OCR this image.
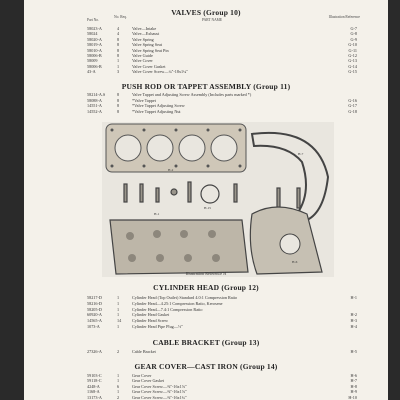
VALVES (Group 10)
Part No.
No. Req.
PART NAME
Illustration Reference
58023-A	4	Valve—Intake	G-7
58024	4	Valve—Exhaust	G-8
58020-A	8	Valve Spring	G-9
58019-A	8	Valve Spring Seat	G-10
58010-A	8	Valve Spring Seat Pin	G-11
58006-B	8	Valve Guide	G-12
58009	1	Valve Cover	G-13
58006-B	1	Valve Cover Gasket	G-14
43-A	3	Valve Cover Screw—¼"-18x1¼"	G-15
PUSH ROD OR TAPPET ASSEMBLY (Group 11)
58214-A.S	8	Valve Tappet and Adjusting Screw Assembly (Includes parts marked *)
58088-A	8	*Valve Tappet	G-16
14551-A	8	*Valve Tappet Adjusting Screw	G-17
14552-A	8	*Valve Tappet Adjusting Nut	G-18
H-2
H-7
H-15
H-1
H-6
Illustration Reference H
CYLINDER HEAD (Group 12)
58217-D	1	Cylinder Head (Top Outlet) Standard 4.0:1 Compression Ratio	H-1
58216-D	1	Cylinder Head—4.25:1 Compression Ratio, Kerosene
58205-D	1	Cylinder Head—7.4:1 Compression Ratio
60920-A	1	Cylinder Head Gasket	H-2
14565-A	14	Cylinder Head Screw	H-3
1073-A	1	Cylinder Head Pipe Plug—½"	H-4
CABLE BRACKET (Group 13)
27326-A	2	Cable Bracket	H-5
GEAR COVER—CAST IRON (Group 14)
59103-C	1	Gear Cover	H-6
59118-C	1	Gear Cover Gasket	H-7
4248-A	6	Gear Cover Screw—⅜"-16x1⅛"	H-8
1168-A	1	Gear Cover Screw—⅜"-16x1⅛"	H-9
13173-A	2	Gear Cover Screw—⅜"-16x1¾"	H-10
